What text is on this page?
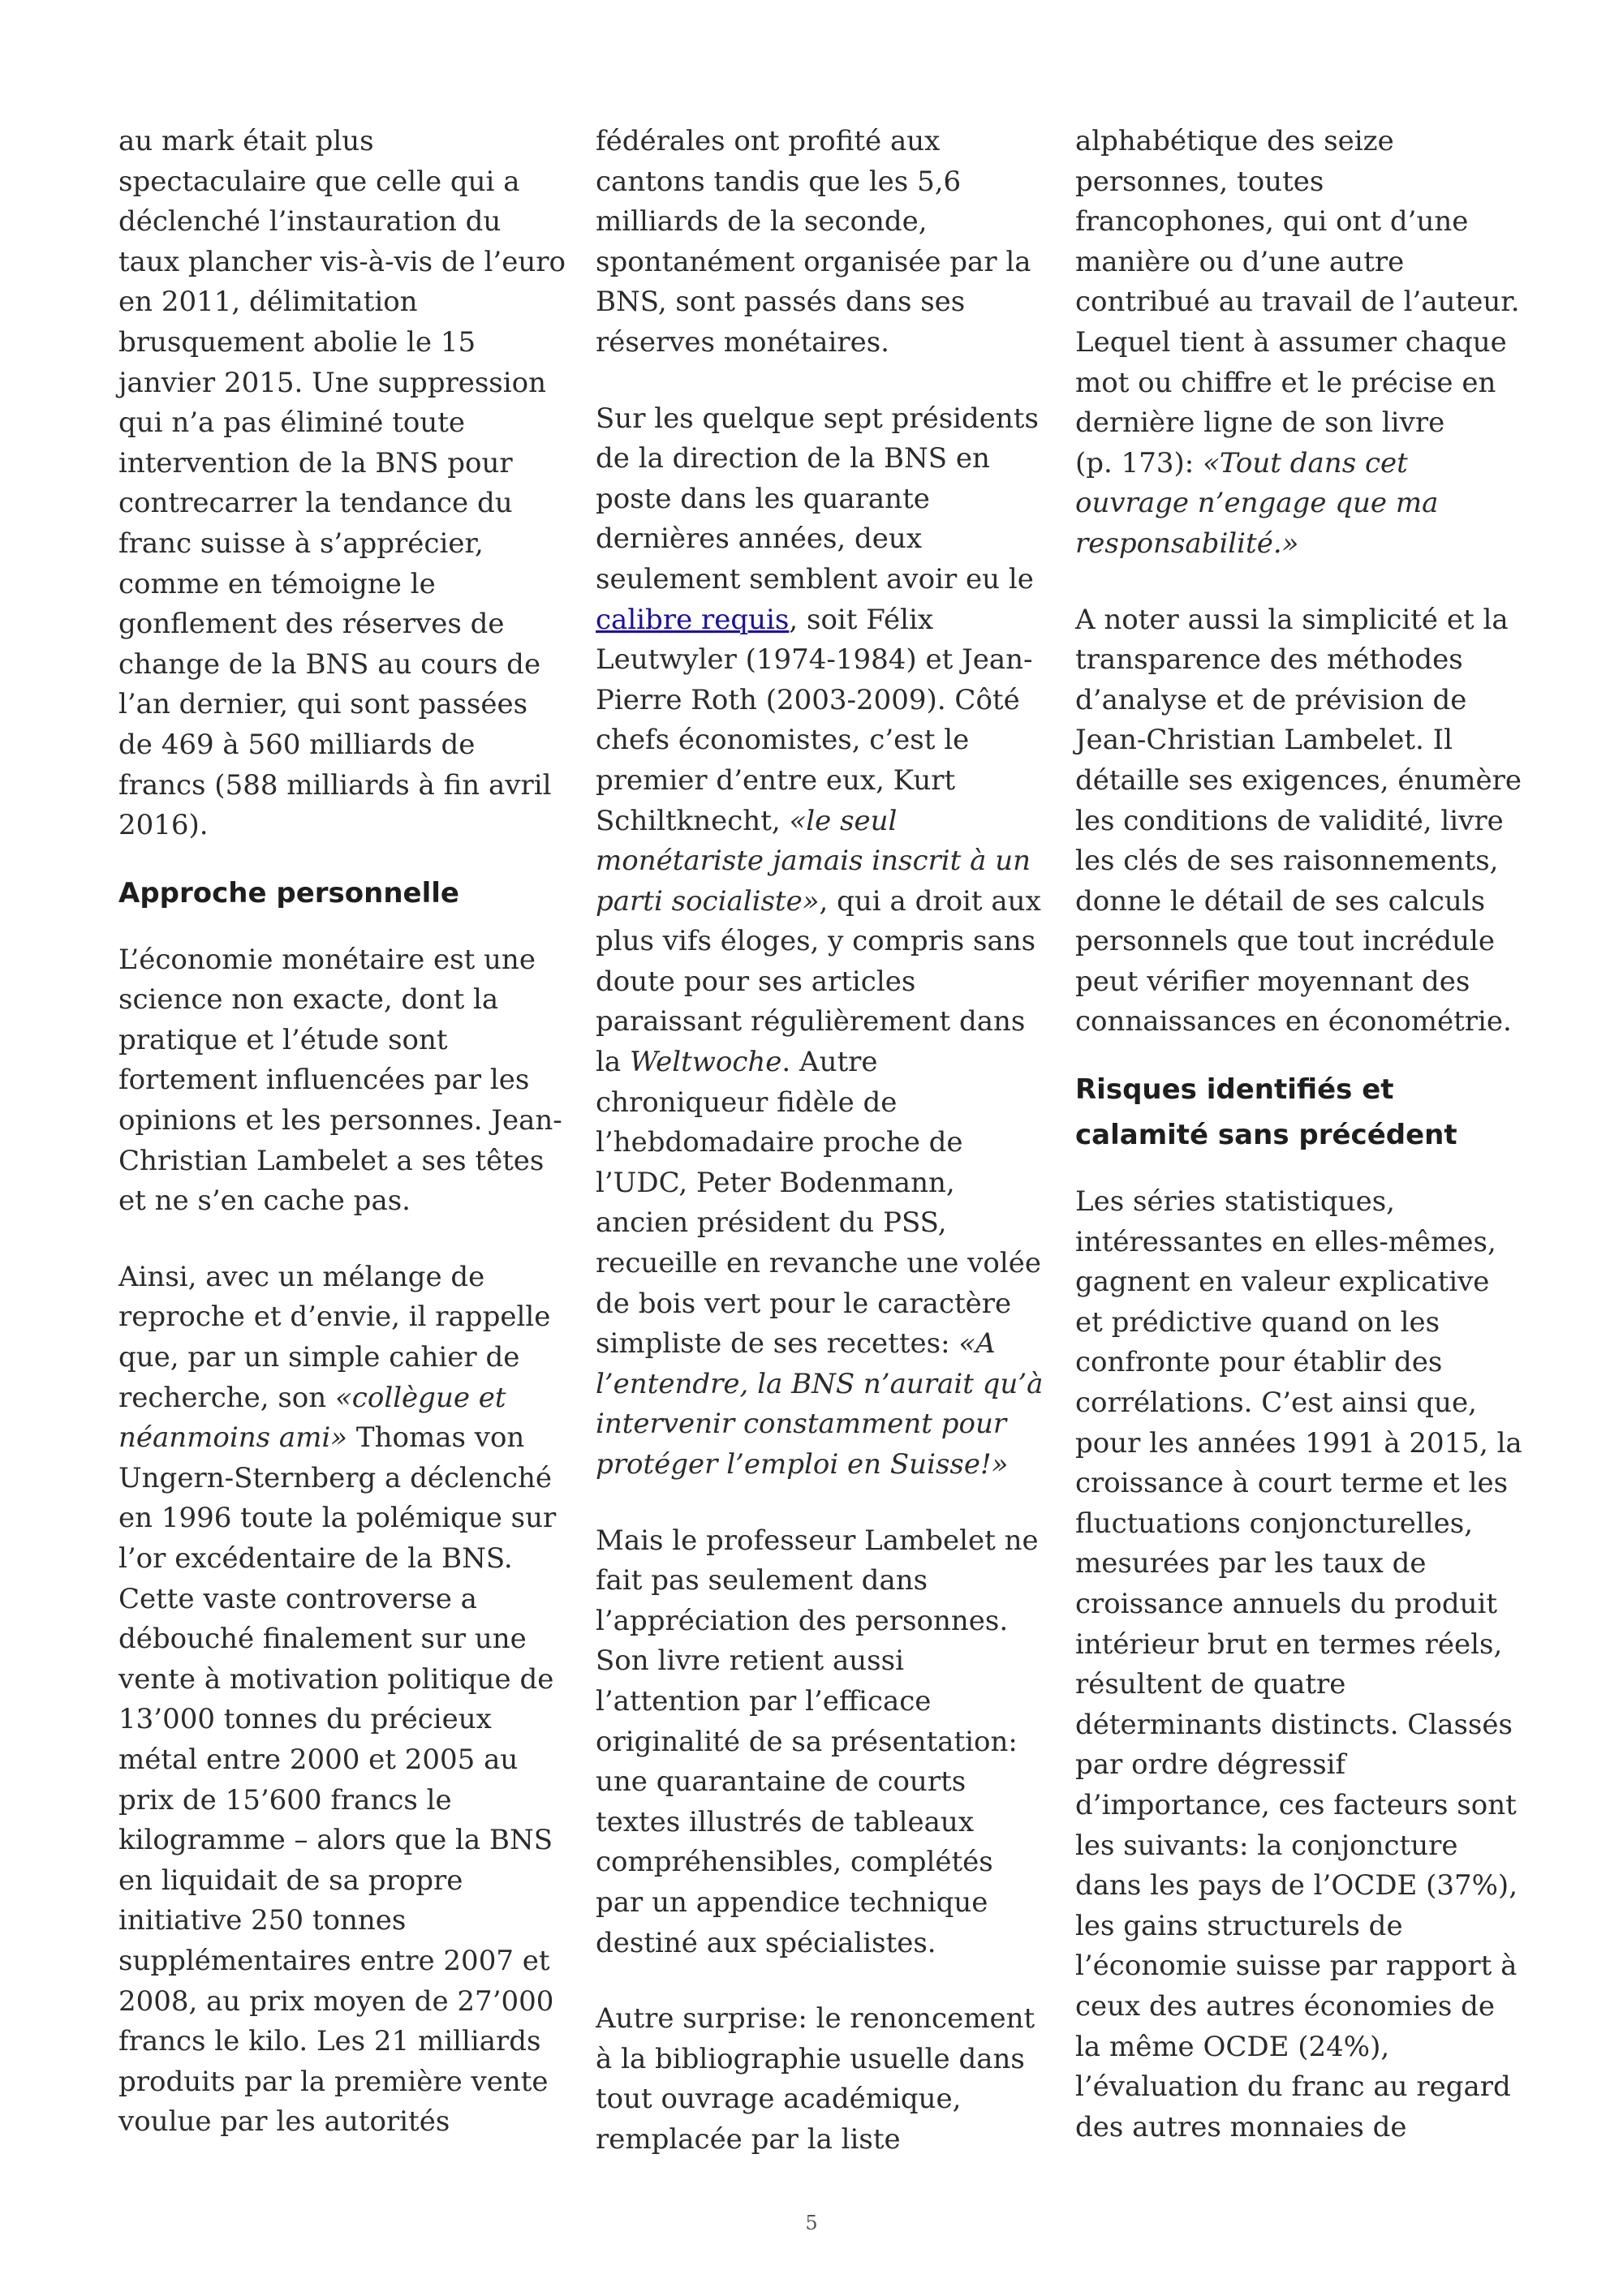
au mark était plus
spectaculaire que celle qui a
déclenché l’instauration du
taux plancher vis-à-vis de l’euro
en 2011, délimitation
brusquement abolie le 15
janvier 2015. Une suppression
qui n’a pas éliminé toute
intervention de la BNS pour
contrecarrer la tendance du
franc suisse à s’apprécier,
comme en témoigne le
gonflement des réserves de
change de la BNS au cours de
l’an dernier, qui sont passées
de 469 à 560 milliards de
francs (588 milliards à fin avril
2016).
Approche personnelle
L’économie monétaire est une
science non exacte, dont la
pratique et l’étude sont
fortement influencées par les
opinions et les personnes. Jean-
Christian Lambelet a ses têtes
et ne s’en cache pas.
Ainsi, avec un mélange de
reproche et d’envie, il rappelle
que, par un simple cahier de
recherche, son «collègue et
néanmoins ami» Thomas von
Ungern-Sternberg a déclenché
en 1996 toute la polémique sur
l’or excédentaire de la BNS.
Cette vaste controverse a
débouché finalement sur une
vente à motivation politique de
13’000 tonnes du précieux
métal entre 2000 et 2005 au
prix de 15’600 francs le
kilogramme – alors que la BNS
en liquidait de sa propre
initiative 250 tonnes
supplémentaires entre 2007 et
2008, au prix moyen de 27’000
francs le kilo. Les 21 milliards
produits par la première vente
voulue par les autorités
fédérales ont profité aux
cantons tandis que les 5,6
milliards de la seconde,
spontanément organisée par la
BNS, sont passés dans ses
réserves monétaires.
Sur les quelque sept présidents
de la direction de la BNS en
poste dans les quarante
dernières années, deux
seulement semblent avoir eu le
calibre requis, soit Félix
Leutwyler (1974-1984) et Jean-
Pierre Roth (2003-2009). Côté
chefs économistes, c’est le
premier d’entre eux, Kurt
Schiltknecht, «le seul
monétariste jamais inscrit à un
parti socialiste», qui a droit aux
plus vifs éloges, y compris sans
doute pour ses articles
paraissant régulièrement dans
la Weltwoche. Autre
chroniqueur fidèle de
l’hebdomadaire proche de
l’UDC, Peter Bodenmann,
ancien président du PSS,
recueille en revanche une volée
de bois vert pour le caractère
simpliste de ses recettes: «A
l’entendre, la BNS n’aurait qu’à
intervenir constamment pour
protéger l’emploi en Suisse!»
Mais le professeur Lambelet ne
fait pas seulement dans
l’appréciation des personnes.
Son livre retient aussi
l’attention par l’efficace
originalité de sa présentation:
une quarantaine de courts
textes illustrés de tableaux
compréhensibles, complétés
par un appendice technique
destiné aux spécialistes.
Autre surprise: le renoncement
à la bibliographie usuelle dans
tout ouvrage académique,
remplacée par la liste
alphabétique des seize
personnes, toutes
francophones, qui ont d’une
manière ou d’une autre
contribué au travail de l’auteur.
Lequel tient à assumer chaque
mot ou chiffre et le précise en
dernière ligne de son livre
(p. 173): «Tout dans cet
ouvrage n’engage que ma
responsabilité.»
A noter aussi la simplicité et la
transparence des méthodes
d’analyse et de prévision de
Jean-Christian Lambelet. Il
détaille ses exigences, énumère
les conditions de validité, livre
les clés de ses raisonnements,
donne le détail de ses calculs
personnels que tout incrédule
peut vérifier moyennant des
connaissances en économétrie.
Risques identifiés et
calamité sans précédent
Les séries statistiques,
intéressantes en elles-mêmes,
gagnent en valeur explicative
et prédictive quand on les
confronte pour établir des
corrélations. C’est ainsi que,
pour les années 1991 à 2015, la
croissance à court terme et les
fluctuations conjoncturelles,
mesurées par les taux de
croissance annuels du produit
intérieur brut en termes réels,
résultent de quatre
déterminants distincts. Classés
par ordre dégressif
d’importance, ces facteurs sont
les suivants: la conjoncture
dans les pays de l’OCDE (37%),
les gains structurels de
l’économie suisse par rapport à
ceux des autres économies de
la même OCDE (24%),
l’évaluation du franc au regard
des autres monnaies de
5
